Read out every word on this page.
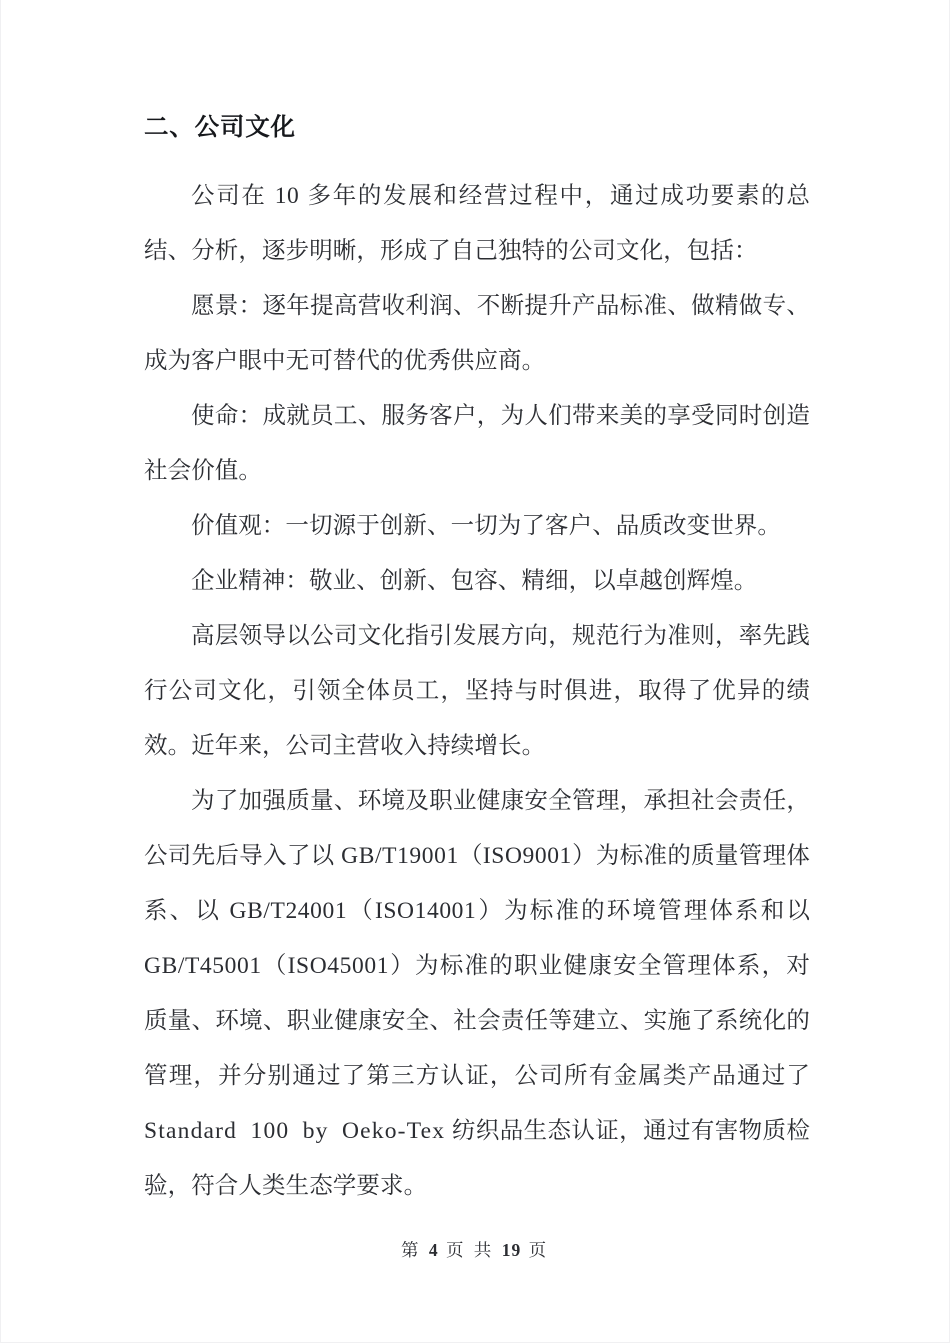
二、公司文化

公司在 10 多年的发展和经营过程中，通过成功要素的总结、分析，逐步明晰，形成了自己独特的公司文化，包括：

愿景：逐年提高营收利润、不断提升产品标准、做精做专、成为客户眼中无可替代的优秀供应商。

使命：成就员工、服务客户，为人们带来美的享受同时创造社会价值。

价值观：一切源于创新、一切为了客户、品质改变世界。

企业精神：敬业、创新、包容、精细，以卓越创辉煌。

高层领导以公司文化指引发展方向，规范行为准则，率先践行公司文化，引领全体员工，坚持与时俱进，取得了优异的绩效。近年来，公司主营收入持续增长。

为了加强质量、环境及职业健康安全管理，承担社会责任，公司先后导入了以 GB/T19001（ISO9001）为标准的质量管理体系、以 GB/T24001（ISO14001）为标准的环境管理体系和以 GB/T45001（ISO45001）为标准的职业健康安全管理体系，对质量、环境、职业健康安全、社会责任等建立、实施了系统化的管理，并分别通过了第三方认证，公司所有金属类产品通过了 Standard 100 by Oeko-Tex 纺织品生态认证，通过有害物质检验，符合人类生态学要求。

第 4 页 共 19 页
